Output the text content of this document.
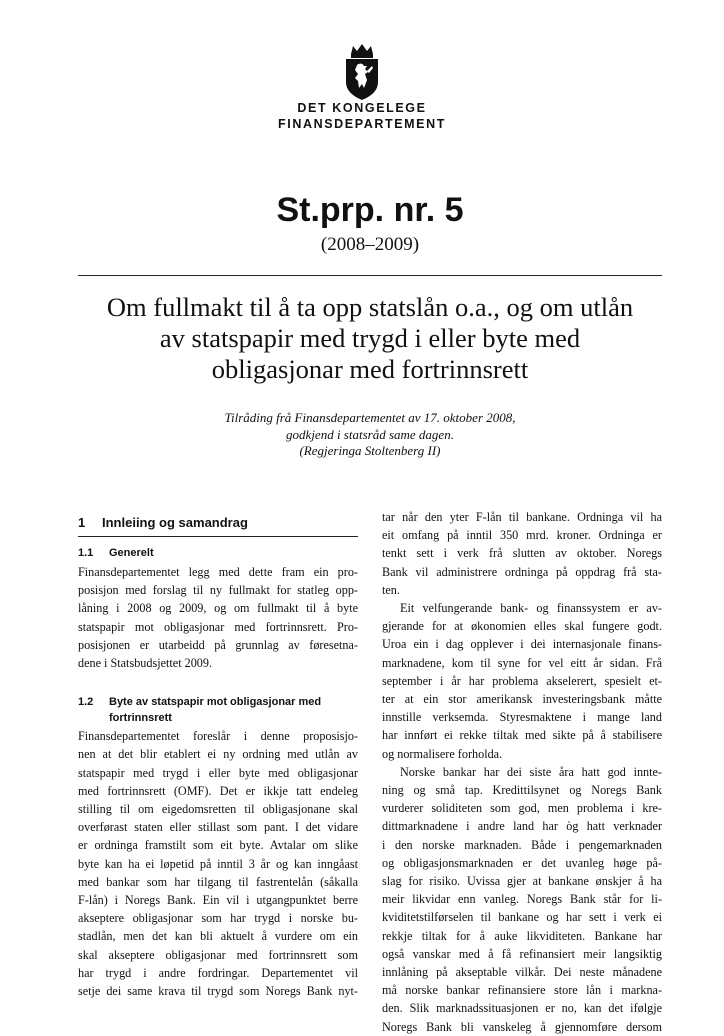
DET KONGELEGE
FINANSDEPARTEMENT
St.prp. nr. 5
(2008–2009)
Om fullmakt til å ta opp statslån o.a., og om utlån
av statspapir med trygd i eller byte med
obligasjonar med fortrinnsrett
Tilråding frå Finansdepartementet av 17. oktober 2008,
godkjend i statsråd same dagen.
(Regjeringa Stoltenberg II)
1	Innleiing og samandrag
1.1	Generelt
Finansdepartementet legg med dette fram ein pro-
posisjon med forslag til ny fullmakt for statleg opp-
låning i 2008 og 2009, og om fullmakt til å byte
statspapir mot obligasjonar med fortrinnsrett. Pro-
posisjonen er utarbeidd på grunnlag av føresetna-
dene i Statsbudsjettet 2009.
1.2	Byte av statspapir mot obligasjonar med
fortrinnsrett
Finansdepartementet foreslår i denne proposisjo-
nen at det blir etablert ei ny ordning med utlån av
statspapir med trygd i eller byte med obligasjonar
med fortrinnsrett (OMF). Det er ikkje tatt endeleg
stilling til om eigedomsretten til obligasjonane skal
overførast staten eller stillast som pant. I det vidare
er ordninga framstilt som eit byte. Avtalar om slike
byte kan ha ei løpetid på inntil 3 år og kan inngåast
med bankar som har tilgang til fastrentelån (såkalla
F-lån) i Noregs Bank. Ein vil i utgangpunktet berre
akseptere obligasjonar som har trygd i norske bu-
stadlån, men det kan bli aktuelt å vurdere om ein
skal akseptere obligasjonar med fortrinnsrett som
har trygd i andre fordringar. Departementet vil
setje dei same krava til trygd som Noregs Bank nyt-
tar når den yter F-lån til bankane. Ordninga vil ha
eit omfang på inntil 350 mrd. kroner. Ordninga er
tenkt sett i verk frå slutten av oktober. Noregs
Bank vil administrere ordninga på oppdrag frå sta-
ten.
Eit velfungerande bank- og finanssystem er av-
gjerande for at økonomien elles skal fungere godt.
Uroa ein i dag opplever i dei internasjonale finans-
marknadene, kom til syne for vel eitt år sidan. Frå
september i år har problema akselerert, spesielt et-
ter at ein stor amerikansk investeringsbank måtte
innstille verksemda. Styresmaktene i mange land
har innført ei rekke tiltak med sikte på å stabilisere
og normalisere forholda.
Norske bankar har dei siste åra hatt god innte-
ning og små tap. Kredittilsynet og Noregs Bank
vurderer soliditeten som god, men problema i kre-
dittmarknadene i andre land har òg hatt verknader
i den norske marknaden. Både i pengemarknaden
og obligasjonsmarknaden er det uvanleg høge på-
slag for risiko. Uvissa gjer at bankane ønskjer å ha
meir likvidar enn vanleg. Noregs Bank står for li-
kviditetstilførselen til bankane og har sett i verk ei
rekkje tiltak for å auke likviditeten. Bankane har
også vanskar med å få refinansiert meir langsiktig
innlåning på akseptable vilkår. Dei neste månadene
må norske bankar refinansiere store lån i markna-
den. Slik marknadssituasjonen er no, kan det ifølgje
Noregs Bank bli vanskeleg å gjennomføre dersom
